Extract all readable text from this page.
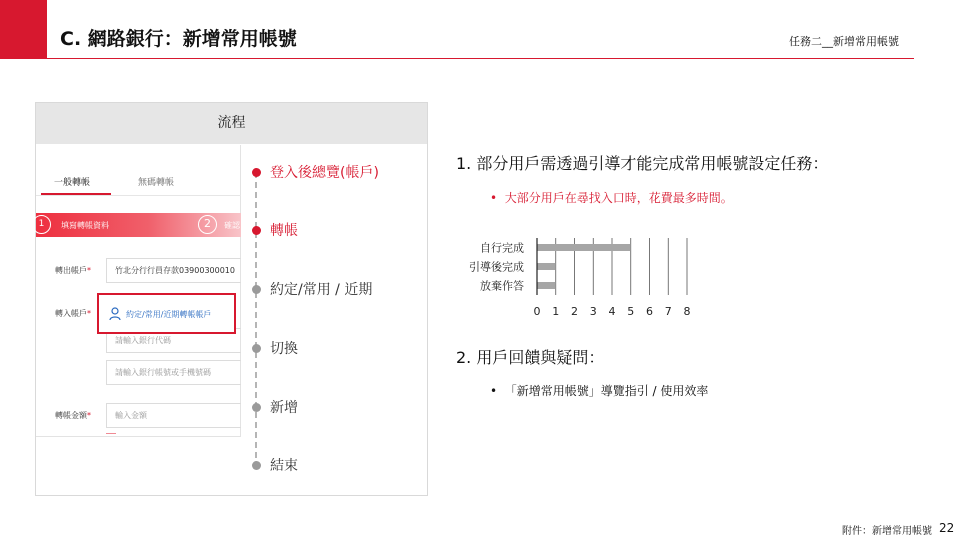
C. 網路銀行：新增常用帳號	任務二__新增常用帳號
流程
一般轉帳	無碼轉帳
1	填寫轉帳資料	2	確認
轉出帳戶*	竹北分行行員存款03900300010
轉入帳戶*
請輸入銀行代碼
請輸入銀行帳號或手機號碼
約定/常用/近期轉帳帳戶
轉帳金額*	輸入金額
登入後總覽(帳戶)
轉帳
約定/常用 / 近期
切換
新增
結束
1. 部分用戶需透過引導才能完成常用帳號設定任務：
• 大部分用戶在尋找入口時，花費最多時間。
自行完成
引導後完成
放棄作答
0 1 2 3 4 5 6 7 8
2. 用戶回饋與疑問：
• 「新增常用帳號」導覽指引 / 使用效率
附件：新增常用帳號 22
